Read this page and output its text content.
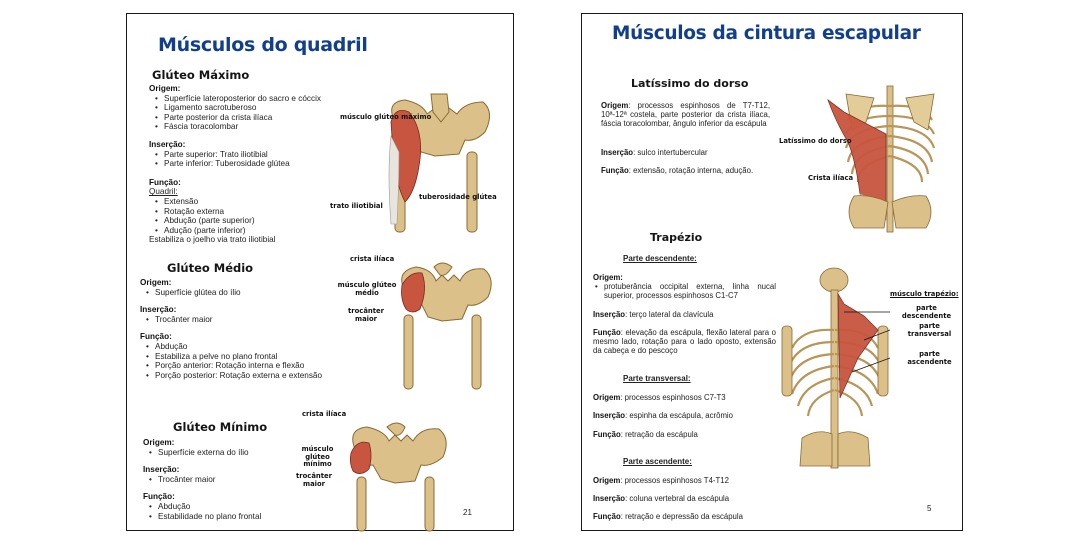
Músculos do quadril
Glúteo Máximo
Origem:
• Superfície lateroposterior do sacro e cóccix
• Ligamento sacrotuberoso
• Parte posterior da crista ilíaca
• Fáscia toracolombar
Inserção:
• Parte superior: Trato iliotibial
• Parte inferior: Tuberosidade glútea
Função:
Quadril:
• Extensão
• Rotação externa
• Abdução (parte superior)
• Adução (parte inferior)
Estabiliza o joelho via trato iliotibial
Glúteo Médio
Origem:
• Superfície glútea do ílio
Inserção:
• Trocânter maior
Função:
• Abdução
• Estabiliza a pelve no plano frontal
• Porção anterior: Rotação interna e flexão
• Porção posterior: Rotação externa e extensão
Glúteo Mínimo
Origem:
• Superfície externa do ílio
Inserção:
• Trocânter maior
Função:
• Abdução
• Estabilidade no plano frontal
músculo glúteo máximo
trato iliotibial
tuberosidade glútea
crista ilíaca
músculo glúteo médio
trocânter maior
crista ilíaca
músculo glúteo mínimo
trocânter maior
21
Músculos da cintura escapular
Latíssimo do dorso
Origem: processos espinhosos de T7-T12, 10ª-12ª costela, parte posterior da crista ilíaca, fáscia toracolombar, ângulo inferior da escápula
Inserção: sulco intertubercular
Função: extensão, rotação interna, adução.
Latíssimo do dorso
Crista ilíaca
Trapézio
Parte descendente:
Origem:
• protuberância occipital externa, linha nucal superior, processos espinhosos C1-C7
Inserção: terço lateral da clavícula
Função: elevação da escápula, flexão lateral para o mesmo lado, rotação para o lado oposto, extensão da cabeça e do pescoço
Parte transversal:
Origem: processos espinhosos C7-T3
Inserção: espinha da escápula, acrômio
Função: retração da escápula
Parte ascendente:
Origem: processos espinhosos T4-T12
Inserção: coluna vertebral da escápula
Função: retração e depressão da escápula
músculo trapézio:
parte descendente
parte transversal
parte ascendente
5
